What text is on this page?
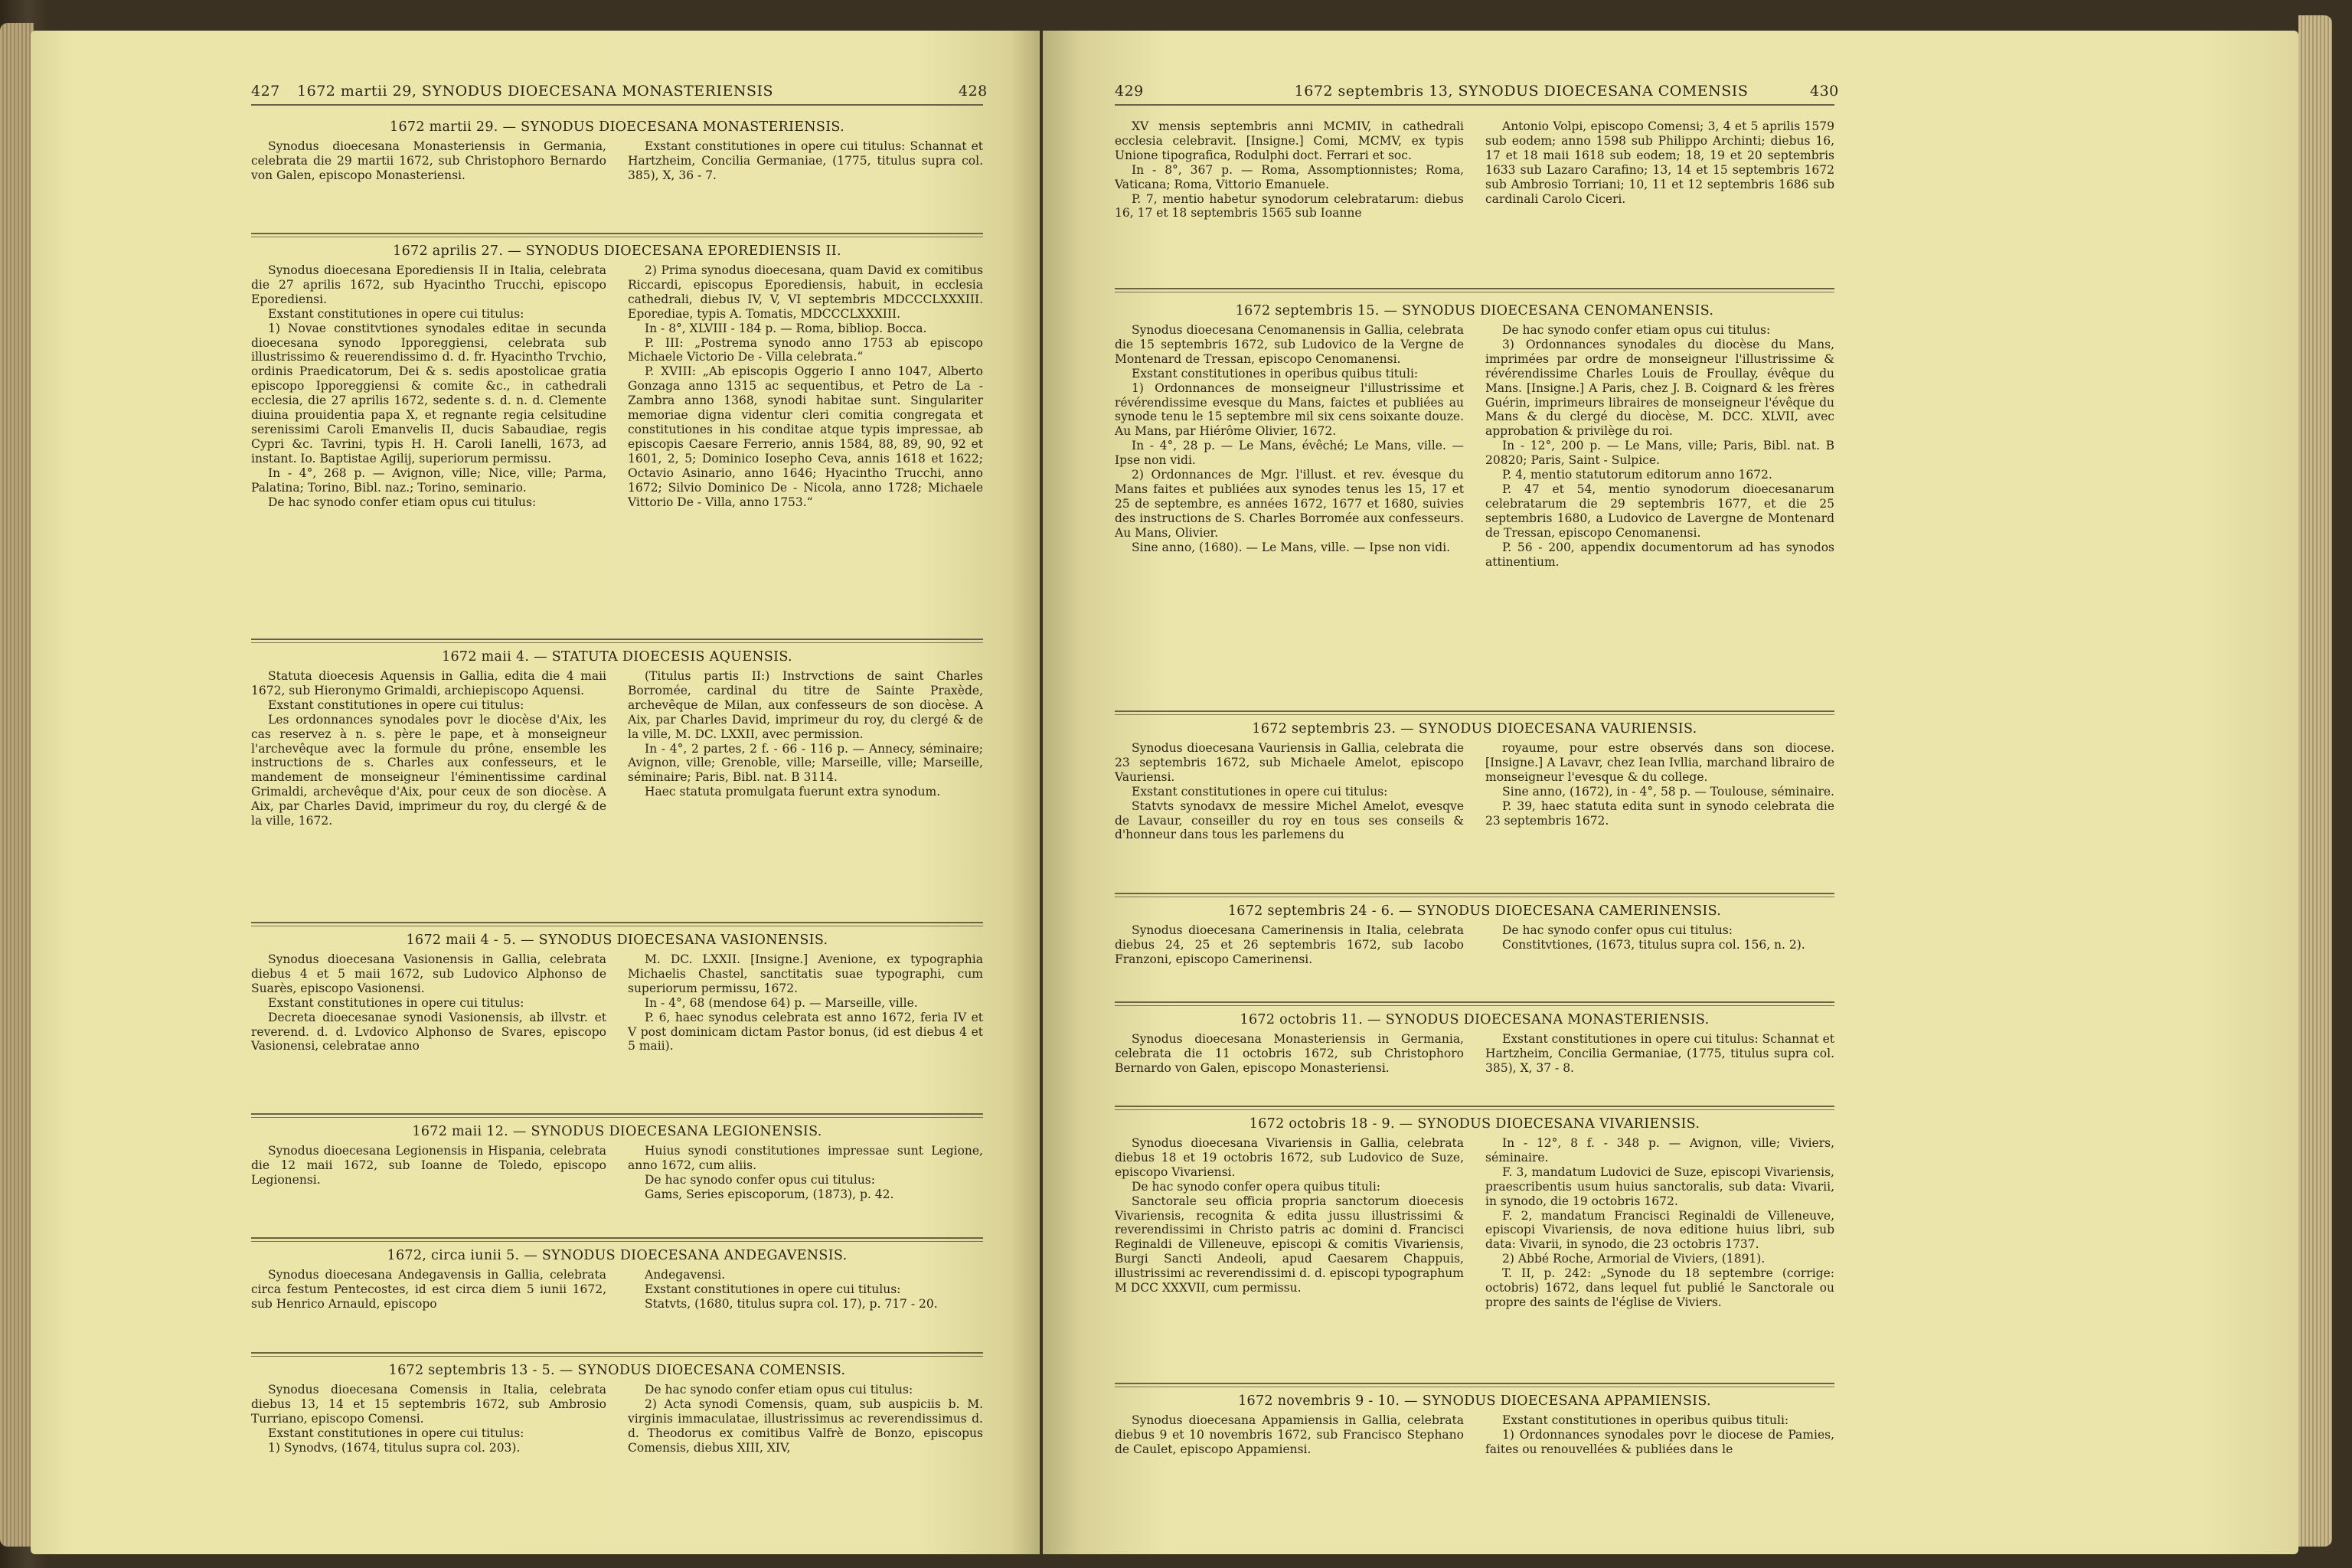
427	1672 martii 29, SYNODUS DIOECESANA MONASTERIENSIS	428
1672 martii 29. — SYNODUS DIOECESANA MONASTERIENSIS.

Synodus dioecesana Monasteriensis in Germania, celebrata die 29 martii 1672, sub Christophoro Bernardo von Galen, episcopo Monasteriensi.

Exstant constitutiones in opere cui titulus: Schannat et Hartzheim, Concilia Germaniae, (1775, titulus supra col. 385), X, 36 - 7.

1672 aprilis 27. — SYNODUS DIOECESANA EPOREDIENSIS II.

Synodus dioecesana Eporediensis II in Italia, celebrata die 27 aprilis 1672, sub Hyacintho Trucchi, episcopo Eporediensi.

Exstant constitutiones in opere cui titulus:

1) Novae constitvtiones synodales editae in secunda dioecesana synodo Ipporeggiensi, celebrata sub illustrissimo & reuerendissimo d. d. fr. Hyacintho Trvchio, ordinis Praedicatorum, Dei & s. sedis apostolicae gratia episcopo Ipporeggiensi & comite &c., in cathedrali ecclesia, die 27 aprilis 1672, sedente s. d. n. d. Clemente diuina prouidentia papa X, et regnante regia celsitudine serenissimi Caroli Emanvelis II, ducis Sabaudiae, regis Cypri &c. Tavrini, typis H. H. Caroli Ianelli, 1673, ad instant. Io. Baptistae Agilij, superiorum permissu.

In - 4°, 268 p. — Avignon, ville; Nice, ville; Parma, Palatina; Torino, Bibl. naz.; Torino, seminario.

De hac synodo confer etiam opus cui titulus:

2) Prima synodus dioecesana, quam David ex comitibus Riccardi, episcopus Eporediensis, habuit, in ecclesia cathedrali, diebus IV, V, VI septembris MDCCCLXXXIII. Eporediae, typis A. Tomatis, MDCCCLXXXIII.

In - 8°, XLVIII - 184 p. — Roma, bibliop. Bocca.

P. III: „Postrema synodo anno 1753 ab episcopo Michaele Victorio De - Villa celebrata.“

P. XVIII: „Ab episcopis Oggerio I anno 1047, Alberto Gonzaga anno 1315 ac sequentibus, et Petro de La - Zambra anno 1368, synodi habitae sunt. Singulariter memoriae digna videntur cleri comitia congregata et constitutiones in his conditae atque typis impressae, ab episcopis Caesare Ferrerio, annis 1584, 88, 89, 90, 92 et 1601, 2, 5; Dominico Iosepho Ceva, annis 1618 et 1622; Octavio Asinario, anno 1646; Hyacintho Trucchi, anno 1672; Silvio Dominico De - Nicola, anno 1728; Michaele Vittorio De - Villa, anno 1753.“

1672 maii 4. — STATUTA DIOECESIS AQUENSIS.

Statuta dioecesis Aquensis in Gallia, edita die 4 maii 1672, sub Hieronymo Grimaldi, archiepiscopo Aquensi.

Exstant constitutiones in opere cui titulus:

Les ordonnances synodales povr le diocèse d'Aix, les cas reservez à n. s. père le pape, et à monseigneur l'archevêque avec la formule du prône, ensemble les instructions de s. Charles aux confesseurs, et le mandement de monseigneur l'éminentissime cardinal Grimaldi, archevêque d'Aix, pour ceux de son diocèse. A Aix, par Charles David, imprimeur du roy, du clergé & de la ville, 1672.

(Titulus partis II:) Instrvctions de saint Charles Borromée, cardinal du titre de Sainte Praxède, archevêque de Milan, aux confesseurs de son diocèse. A Aix, par Charles David, imprimeur du roy, du clergé & de la ville, M. DC. LXXII, avec permission.

In - 4°, 2 partes, 2 f. - 66 - 116 p. — Annecy, séminaire; Avignon, ville; Grenoble, ville; Marseille, ville; Marseille, séminaire; Paris, Bibl. nat. B 3114.

Haec statuta promulgata fuerunt extra synodum.

1672 maii 4 - 5. — SYNODUS DIOECESANA VASIONENSIS.

Synodus dioecesana Vasionensis in Gallia, celebrata diebus 4 et 5 maii 1672, sub Ludovico Alphonso de Suarès, episcopo Vasionensi.

Exstant constitutiones in opere cui titulus:

Decreta dioecesanae synodi Vasionensis, ab illvstr. et reverend. d. d. Lvdovico Alphonso de Svares, episcopo Vasionensi, celebratae anno

M. DC. LXXII. [Insigne.] Avenione, ex typographia Michaelis Chastel, sanctitatis suae typographi, cum superiorum permissu, 1672.

In - 4°, 68 (mendose 64) p. — Marseille, ville.

P. 6, haec synodus celebrata est anno 1672, feria IV et V post dominicam dictam Pastor bonus, (id est diebus 4 et 5 maii).

1672 maii 12. — SYNODUS DIOECESANA LEGIONENSIS.

Synodus dioecesana Legionensis in Hispania, celebrata die 12 maii 1672, sub Ioanne de Toledo, episcopo Legionensi.

Huius synodi constitutiones impressae sunt Legione, anno 1672, cum aliis.

De hac synodo confer opus cui titulus:

Gams, Series episcoporum, (1873), p. 42.

1672, circa iunii 5. — SYNODUS DIOECESANA ANDEGAVENSIS.

Synodus dioecesana Andegavensis in Gallia, celebrata circa festum Pentecostes, id est circa diem 5 iunii 1672, sub Henrico Arnauld, episcopo

Andegavensi.

Exstant constitutiones in opere cui titulus:

Statvts, (1680, titulus supra col. 17), p. 717 - 20.

1672 septembris 13 - 5. — SYNODUS DIOECESANA COMENSIS.

Synodus dioecesana Comensis in Italia, celebrata diebus 13, 14 et 15 septembris 1672, sub Ambrosio Turriano, episcopo Comensi.

Exstant constitutiones in opere cui titulus:

1) Synodvs, (1674, titulus supra col. 203).

De hac synodo confer etiam opus cui titulus:

2) Acta synodi Comensis, quam, sub auspiciis b. M. virginis immaculatae, illustrissimus ac reverendissimus d. d. Theodorus ex comitibus Valfrè de Bonzo, episcopus Comensis, diebus XIII, XIV,

429	1672 septembris 13, SYNODUS DIOECESANA COMENSIS	430

XV mensis septembris anni MCMIV, in cathedrali ecclesia celebravit. [Insigne.] Comi, MCMV, ex typis Unione tipografica, Rodulphi doct. Ferrari et soc.

In - 8°, 367 p. — Roma, Assomptionnistes; Roma, Vaticana; Roma, Vittorio Emanuele.

P. 7, mentio habetur synodorum celebratarum: diebus 16, 17 et 18 septembris 1565 sub Ioanne

Antonio Volpi, episcopo Comensi; 3, 4 et 5 aprilis 1579 sub eodem; anno 1598 sub Philippo Archinti; diebus 16, 17 et 18 maii 1618 sub eodem; 18, 19 et 20 septembris 1633 sub Lazaro Carafino; 13, 14 et 15 septembris 1672 sub Ambrosio Torriani; 10, 11 et 12 septembris 1686 sub cardinali Carolo Ciceri.

1672 septembris 15. — SYNODUS DIOECESANA CENOMANENSIS.

Synodus dioecesana Cenomanensis in Gallia, celebrata die 15 septembris 1672, sub Ludovico de la Vergne de Montenard de Tressan, episcopo Cenomanensi.

Exstant constitutiones in operibus quibus tituli:

1) Ordonnances de monseigneur l'illustrissime et révérendissime evesque du Mans, faictes et publiées au synode tenu le 15 septembre mil six cens soixante douze. Au Mans, par Hiérôme Olivier, 1672.

In - 4°, 28 p. — Le Mans, évêché; Le Mans, ville. — Ipse non vidi.

2) Ordonnances de Mgr. l'illust. et rev. évesque du Mans faites et publiées aux synodes tenus les 15, 17 et 25 de septembre, es années 1672, 1677 et 1680, suivies des instructions de S. Charles Borromée aux confesseurs. Au Mans, Olivier.

Sine anno, (1680). — Le Mans, ville. — Ipse non vidi.

De hac synodo confer etiam opus cui titulus:

3) Ordonnances synodales du diocèse du Mans, imprimées par ordre de monseigneur l'illustrissime & révérendissime Charles Louis de Froullay, évêque du Mans. [Insigne.] A Paris, chez J. B. Coignard & les frères Guérin, imprimeurs libraires de monseigneur l'évêque du Mans & du clergé du diocèse, M. DCC. XLVII, avec approbation & privilège du roi.

In - 12°, 200 p. — Le Mans, ville; Paris, Bibl. nat. B 20820; Paris, Saint - Sulpice.

P. 4, mentio statutorum editorum anno 1672.

P. 47 et 54, mentio synodorum dioecesanarum celebratarum die 29 septembris 1677, et die 25 septembris 1680, a Ludovico de Lavergne de Montenard de Tressan, episcopo Cenomanensi.

P. 56 - 200, appendix documentorum ad has synodos attinentium.

1672 septembris 23. — SYNODUS DIOECESANA VAURIENSIS.

Synodus dioecesana Vauriensis in Gallia, celebrata die 23 septembris 1672, sub Michaele Amelot, episcopo Vauriensi.

Exstant constitutiones in opere cui titulus:

Statvts synodavx de messire Michel Amelot, evesqve de Lavaur, conseiller du roy en tous ses conseils & d'honneur dans tous les parlemens du

royaume, pour estre observés dans son diocese. [Insigne.] A Lavavr, chez Iean Ivllia, marchand librairo de monseigneur l'evesque & du college.

Sine anno, (1672), in - 4°, 58 p. — Toulouse, séminaire.

P. 39, haec statuta edita sunt in synodo celebrata die 23 septembris 1672.

1672 septembris 24 - 6. — SYNODUS DIOECESANA CAMERINENSIS.

Synodus dioecesana Camerinensis in Italia, celebrata diebus 24, 25 et 26 septembris 1672, sub Iacobo Franzoni, episcopo Camerinensi.

De hac synodo confer opus cui titulus:

Constitvtiones, (1673, titulus supra col. 156, n. 2).

1672 octobris 11. — SYNODUS DIOECESANA MONASTERIENSIS.

Synodus dioecesana Monasteriensis in Germania, celebrata die 11 octobris 1672, sub Christophoro Bernardo von Galen, episcopo Monasteriensi.

Exstant constitutiones in opere cui titulus: Schannat et Hartzheim, Concilia Germaniae, (1775, titulus supra col. 385), X, 37 - 8.

1672 octobris 18 - 9. — SYNODUS DIOECESANA VIVARIENSIS.

Synodus dioecesana Vivariensis in Gallia, celebrata diebus 18 et 19 octobris 1672, sub Ludovico de Suze, episcopo Vivariensi.

De hac synodo confer opera quibus tituli:

Sanctorale seu officia propria sanctorum dioecesis Vivariensis, recognita & edita jussu illustrissimi & reverendissimi in Christo patris ac domini d. Francisci Reginaldi de Villeneuve, episcopi & comitis Vivariensis, Burgi Sancti Andeoli, apud Caesarem Chappuis, illustrissimi ac reverendissimi d. d. episcopi typographum M DCC XXXVII, cum permissu.

In - 12°, 8 f. - 348 p. — Avignon, ville; Viviers, séminaire.

F. 3, mandatum Ludovici de Suze, episcopi Vivariensis, praescribentis usum huius sanctoralis, sub data: Vivarii, in synodo, die 19 octobris 1672.

F. 2, mandatum Francisci Reginaldi de Villeneuve, episcopi Vivariensis, de nova editione huius libri, sub data: Vivarii, in synodo, die 23 octobris 1737.

2) Abbé Roche, Armorial de Viviers, (1891).

T. II, p. 242: „Synode du 18 septembre (corrige: octobris) 1672, dans lequel fut publié le Sanctorale ou propre des saints de l'église de Viviers.

1672 novembris 9 - 10. — SYNODUS DIOECESANA APPAMIENSIS.

Synodus dioecesana Appamiensis in Gallia, celebrata diebus 9 et 10 novembris 1672, sub Francisco Stephano de Caulet, episcopo Appamiensi.

Exstant constitutiones in operibus quibus tituli:

1) Ordonnances synodales povr le diocese de Pamies, faites ou renouvellées & publiées dans le
